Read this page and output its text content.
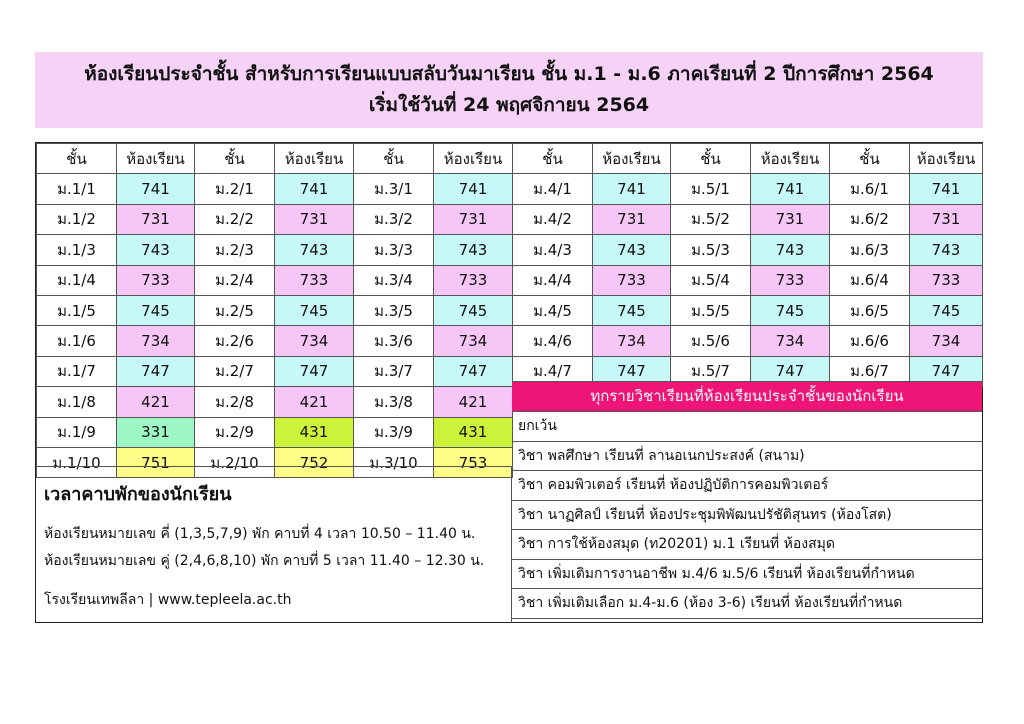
ห้องเรียนประจำชั้น สำหรับการเรียนแบบสลับวันมาเรียน ชั้น ม.1 - ม.6 ภาคเรียนที่ 2 ปีการศึกษา 2564
เริ่มใช้วันที่ 24 พฤศจิกายน 2564
ชั้น	ห้องเรียน	ชั้น	ห้องเรียน	ชั้น	ห้องเรียน	ชั้น	ห้องเรียน	ชั้น	ห้องเรียน	ชั้น	ห้องเรียน
ม.1/1	741	ม.2/1	741	ม.3/1	741	ม.4/1	741	ม.5/1	741	ม.6/1	741
ม.1/2	731	ม.2/2	731	ม.3/2	731	ม.4/2	731	ม.5/2	731	ม.6/2	731
ม.1/3	743	ม.2/3	743	ม.3/3	743	ม.4/3	743	ม.5/3	743	ม.6/3	743
ม.1/4	733	ม.2/4	733	ม.3/4	733	ม.4/4	733	ม.5/4	733	ม.6/4	733
ม.1/5	745	ม.2/5	745	ม.3/5	745	ม.4/5	745	ม.5/5	745	ม.6/5	745
ม.1/6	734	ม.2/6	734	ม.3/6	734	ม.4/6	734	ม.5/6	734	ม.6/6	734
ม.1/7	747	ม.2/7	747	ม.3/7	747	ม.4/7	747	ม.5/7	747	ม.6/7	747
ม.1/8	421	ม.2/8	421	ม.3/8	421						
ม.1/9	331	ม.2/9	431	ม.3/9	431						
ม.1/10	751	ม.2/10	752	ม.3/10	753						
เวลาคาบพักของนักเรียน
ห้องเรียนหมายเลข คี่ (1,3,5,7,9) พัก คาบที่ 4 เวลา 10.50 – 11.40 น.
ห้องเรียนหมายเลข คู่ (2,4,6,8,10) พัก คาบที่ 5 เวลา 11.40 – 12.30 น.
โรงเรียนเทพลีลา | www.tepleela.ac.th
ทุกรายวิชาเรียนที่ห้องเรียนประจำชั้นของนักเรียน
ยกเว้น
วิชา พลศึกษา เรียนที่ ลานอเนกประสงค์ (สนาม)
วิชา คอมพิวเตอร์ เรียนที่ ห้องปฏิบัติการคอมพิวเตอร์
วิชา นาฏศิลป์ เรียนที่ ห้องประชุมพิพัฒนปรัชัติสุนทร (ห้องโสต)
วิชา การใช้ห้องสมุด (ท20201) ม.1 เรียนที่ ห้องสมุด
วิชา เพิ่มเติมการงานอาชีพ ม.4/6 ม.5/6 เรียนที่ ห้องเรียนที่กำหนด
วิชา เพิ่มเติมเลือก ม.4-ม.6 (ห้อง 3-6) เรียนที่ ห้องเรียนที่กำหนด
